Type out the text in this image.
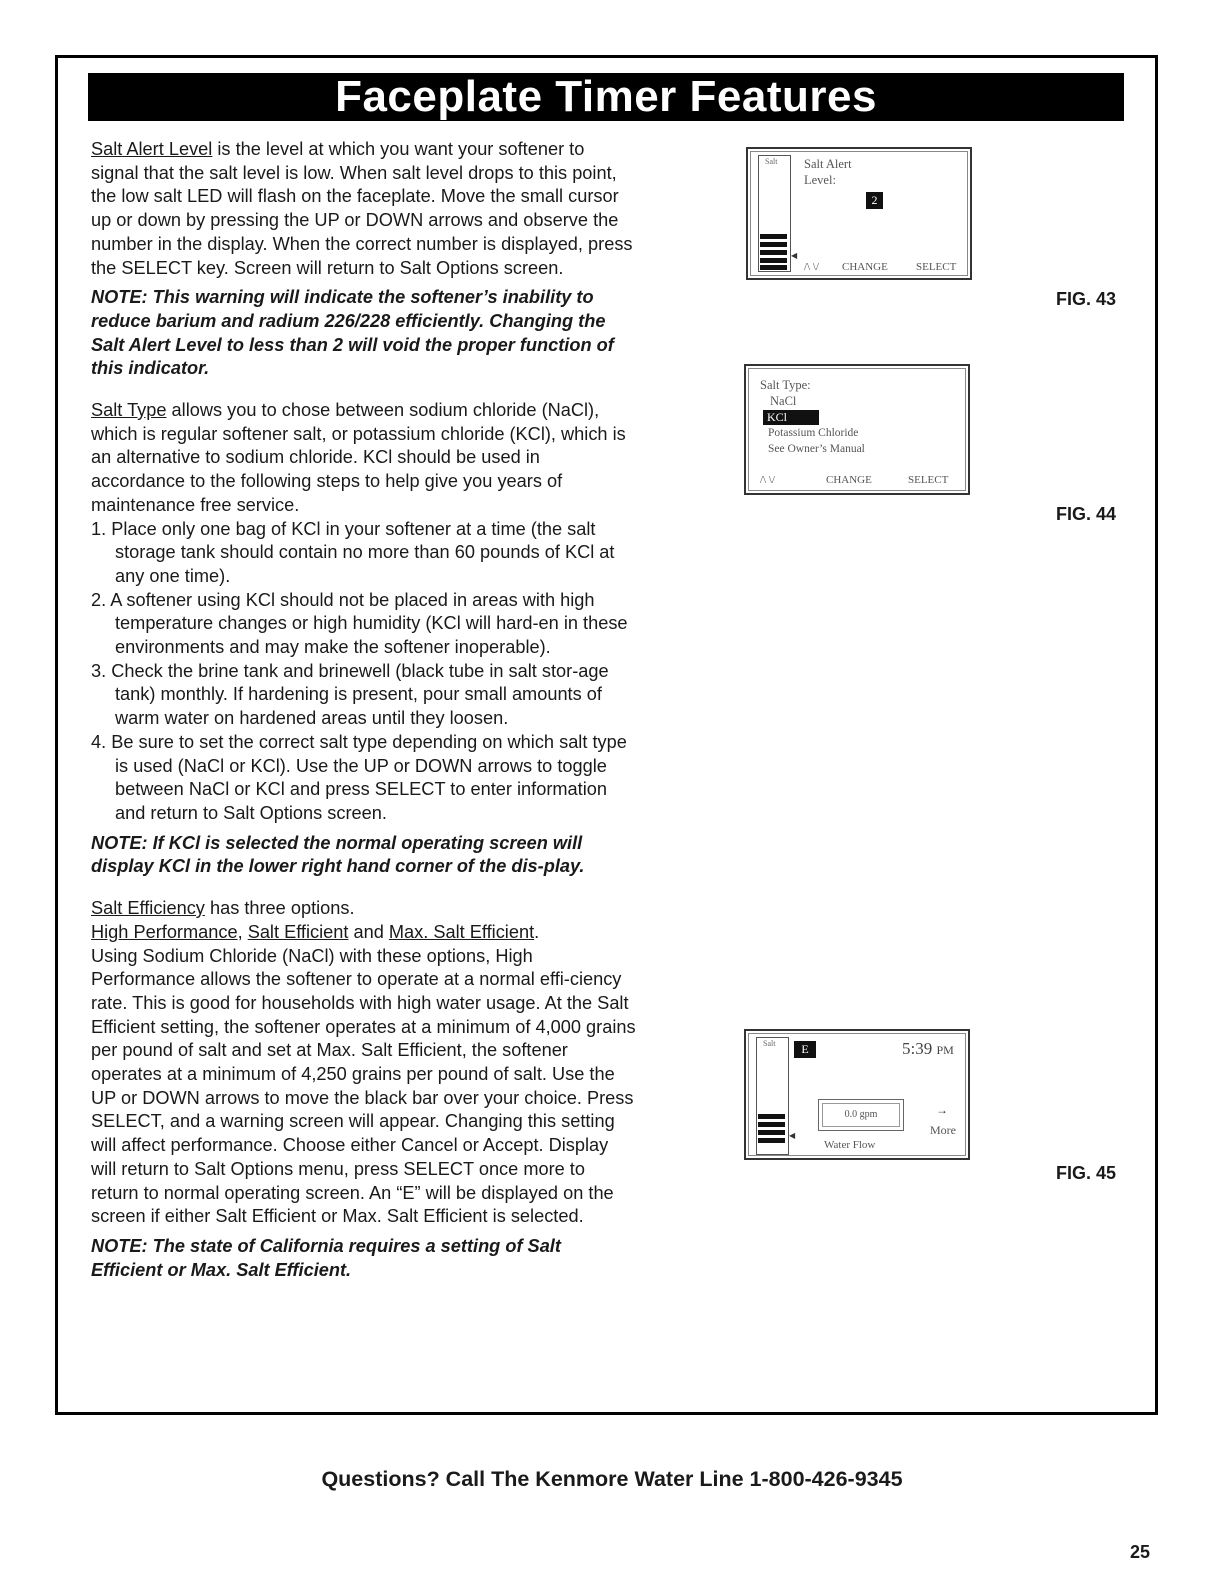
Faceplate Timer Features

Salt Alert Level is the level at which you want your softener to signal that the salt level is low. When salt level drops to this point, the low salt LED will flash on the faceplate. Move the small cursor up or down by pressing the UP or DOWN arrows and observe the number in the display. When the correct number is displayed, press the SELECT key. Screen will return to Salt Options screen.

NOTE: This warning will indicate the softener’s inability to reduce barium and radium 226/228 efficiently. Changing the Salt Alert Level to less than 2 will void the proper function of this indicator.

Salt Type allows you to chose between sodium chloride (NaCl), which is regular softener salt, or potassium chloride (KCl), which is an alternative to sodium chloride. KCl should be used in accordance to the following steps to help give you years of maintenance free service.

1. Place only one bag of KCl in your softener at a time (the salt storage tank should contain no more than 60 pounds of KCl at any one time).
2. A softener using KCl should not be placed in areas with high temperature changes or high humidity (KCl will hard-en in these environments and may make the softener inoperable).
3. Check the brine tank and brinewell (black tube in salt stor-age tank) monthly. If hardening is present, pour small amounts of warm water on hardened areas until they loosen.
4. Be sure to set the correct salt type depending on which salt type is used (NaCl or KCl). Use the UP or DOWN arrows to toggle between NaCl or KCl and press SELECT to enter information and return to Salt Options screen.

NOTE: If KCl is selected the normal operating screen will display KCl in the lower right hand corner of the dis-play.

Salt Efficiency has three options.

High Performance, Salt Efficient and Max. Salt Efficient.

Using Sodium Chloride (NaCl) with these options, High Performance allows the softener to operate at a normal effi-ciency rate. This is good for households with high water usage. At the Salt Efficient setting, the softener operates at a minimum of 4,000 grains per pound of salt and set at Max. Salt Efficient, the softener operates at a minimum of 4,250 grains per pound of salt. Use the UP or DOWN arrows to move the black bar over your choice. Press SELECT, and a warning screen will appear. Changing this setting will affect performance. Choose either Cancel or Accept. Display will return to Salt Options menu, press SELECT once more to return to normal operating screen. An “E” will be displayed on the screen if either Salt Efficient or Max. Salt Efficient is selected.

NOTE: The state of California requires a setting of Salt Efficient or Max. Salt Efficient.

Salt
◀
Salt Alert
Level:
2
/\ \/ CHANGE	SELECT
FIG. 43
Salt Type:
NaCl
KCl
Potassium Chloride
See Owner’s Manual
/\ \/	CHANGE	SELECT
FIG. 44
Salt
◀
E	5:39 PM
0.0 gpm
Water Flow
→
More
FIG. 45
Questions? Call The Kenmore Water Line 1-800-426-9345
25
